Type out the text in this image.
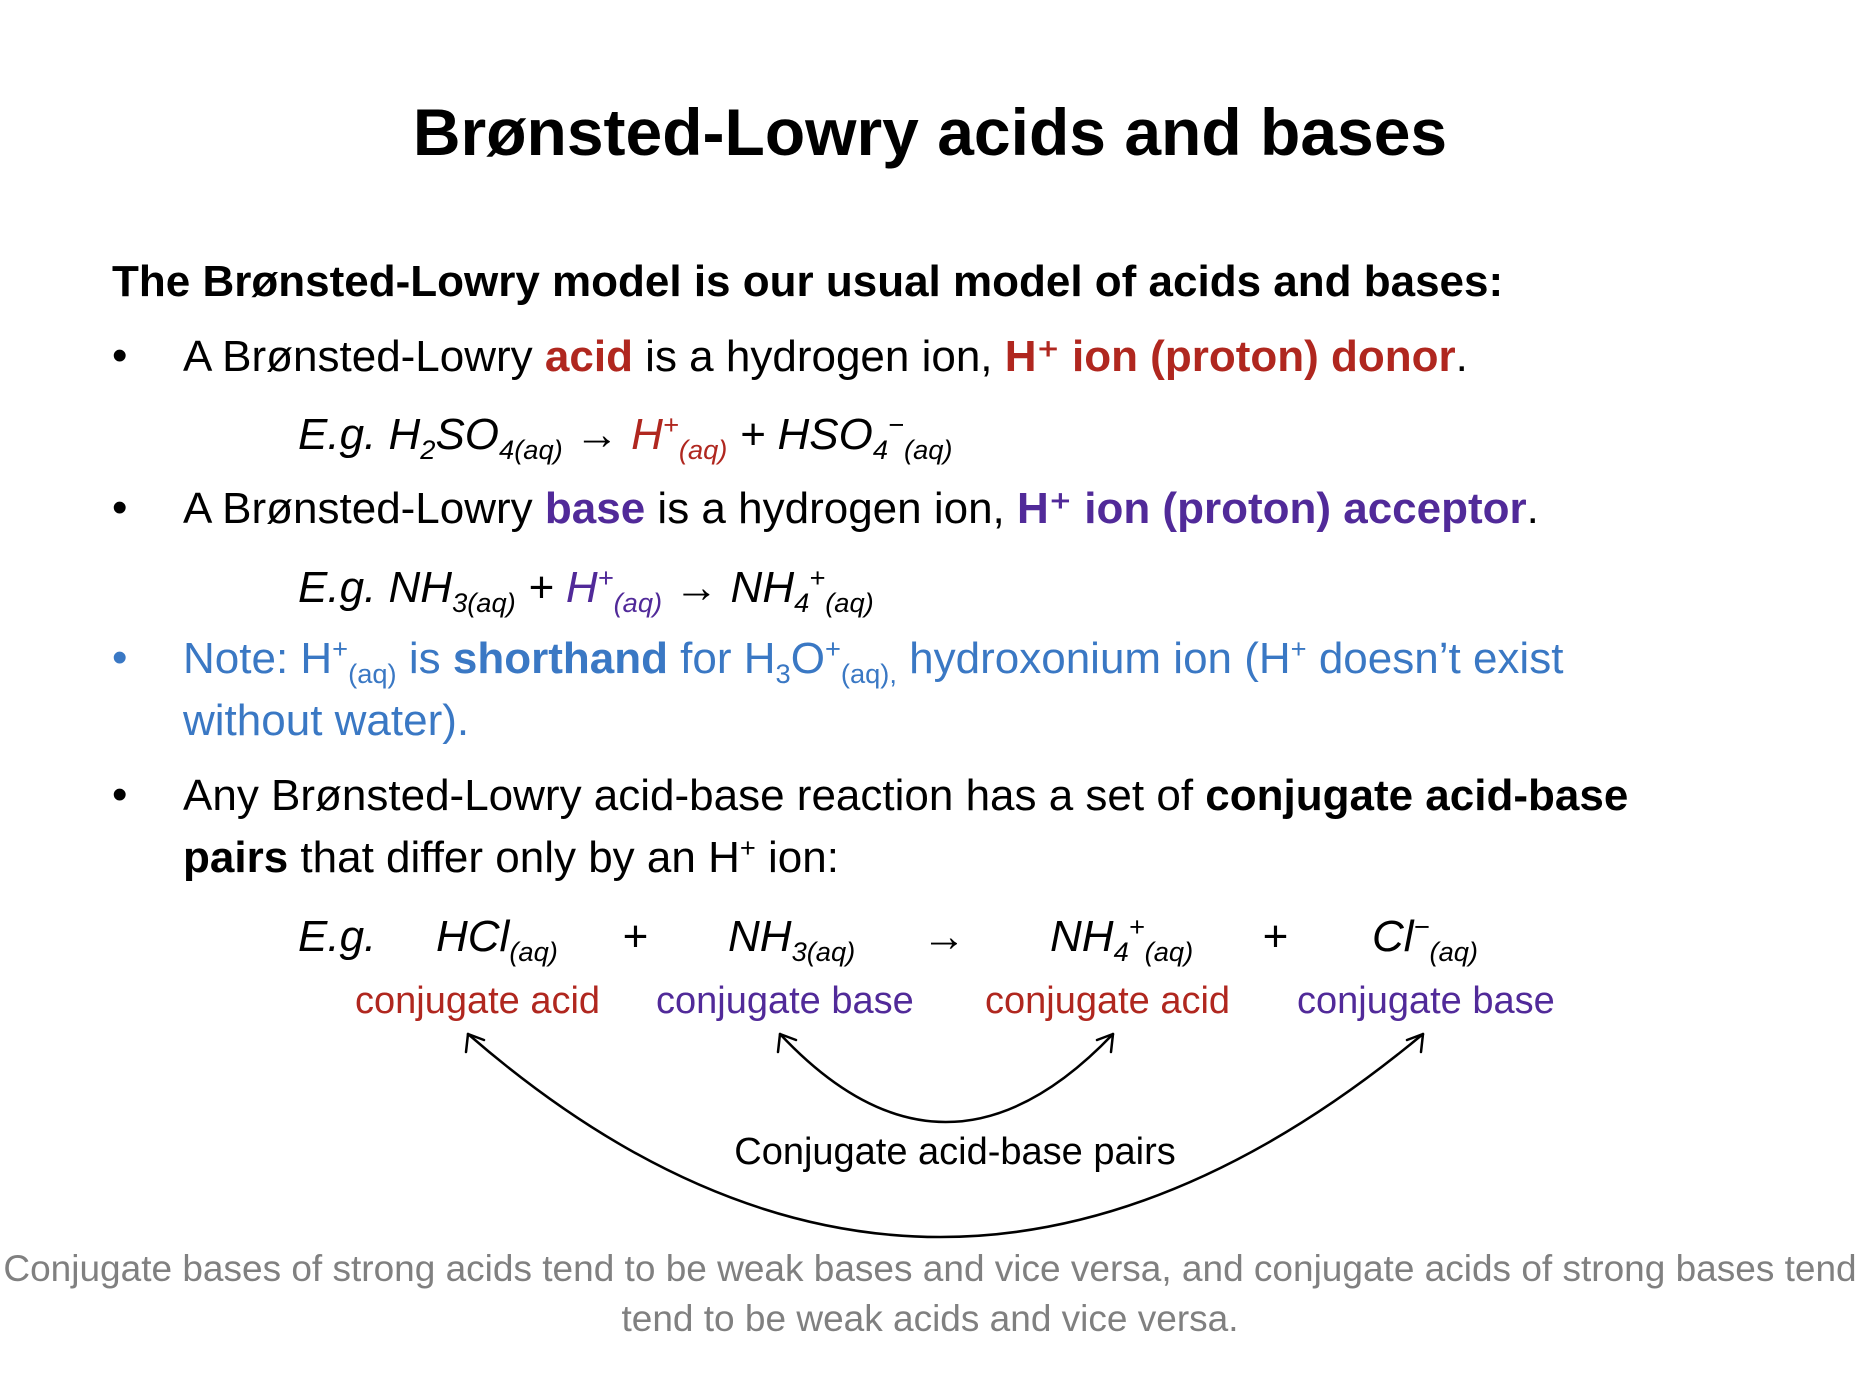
Brønsted-Lowry acids and bases
The Brønsted-Lowry model is our usual model of acids and bases:
• A Brønsted-Lowry acid is a hydrogen ion, H⁺ ion (proton) donor.
E.g. $H_2SO_{4(aq)} \to H^+_{(aq)} + HSO_4^-_{(aq)}$
• A Brønsted-Lowry base is a hydrogen ion, H⁺ ion (proton) acceptor.
E.g. $NH_{3(aq)} + H^+_{(aq)} \to NH_4^+_{(aq)}$
• Note: $H^+_{(aq)}$ is shorthand for $H_3O^+_{(aq),}$ hydroxonium ion (H+ doesn’t exist
without water).
• Any Brønsted-Lowry acid-base reaction has a set of conjugate acid-base
pairs that differ only by an H+ ion:
E.g. $HCl_{(aq)} + NH_{3(aq)} \to NH_4^+_{(aq)} + Cl^-_{(aq)}$
conjugate acid conjugate base conjugate acid conjugate base
Conjugate acid-base pairs
Conjugate bases of strong acids tend to be weak bases and vice versa, and conjugate acids of strong bases tend tend to be weak acids and vice versa.
